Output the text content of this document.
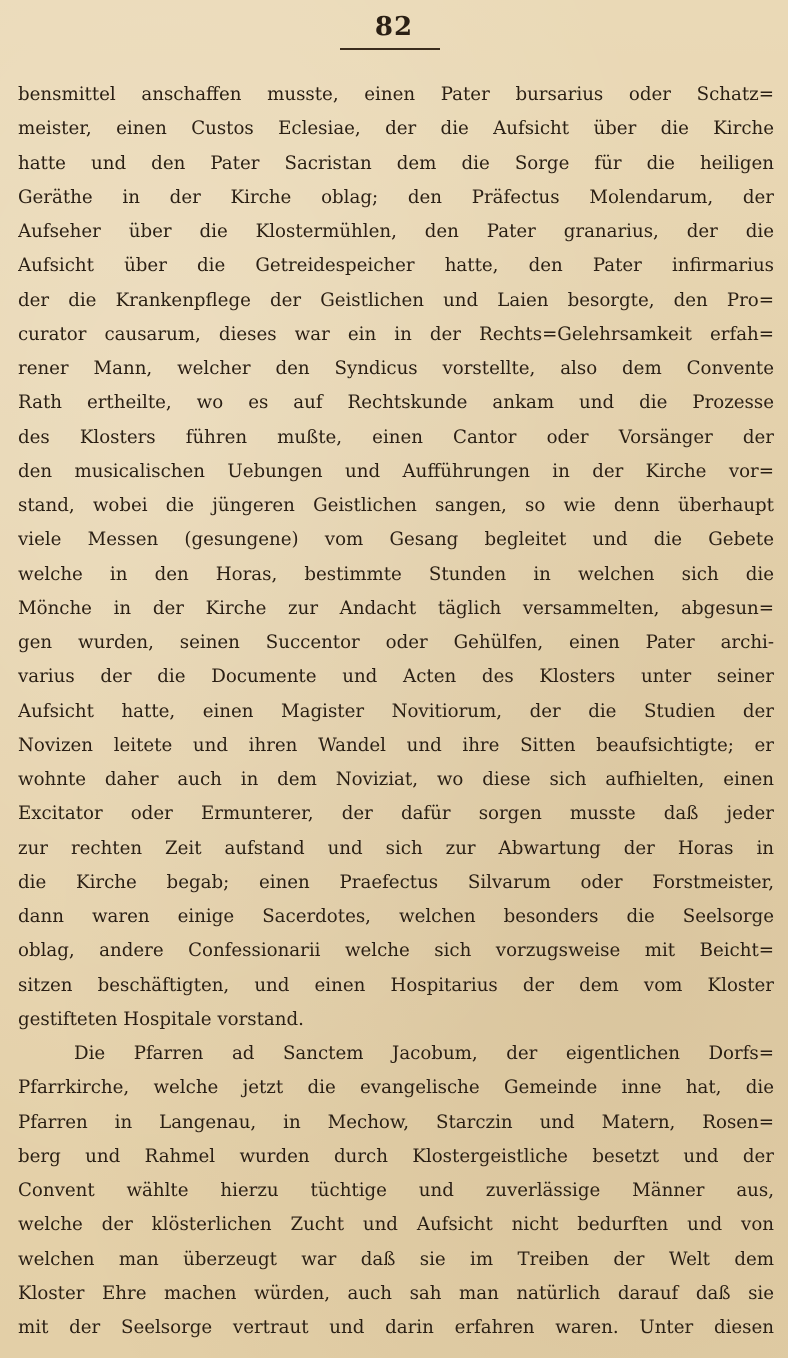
82
bensmittel anschaffen musste, einen Pater bursarius oder Schatz=
meister, einen Custos Eclesiae, der die Aufsicht über die Kirche
hatte und den Pater Sacristan dem die Sorge für die heiligen
Geräthe in der Kirche oblag; den Präfectus Molendarum, der
Aufseher über die Klostermühlen, den Pater granarius, der die
Aufsicht über die Getreidespeicher hatte, den Pater infirmarius
der die Krankenpflege der Geistlichen und Laien besorgte, den Pro=
curator causarum, dieses war ein in der Rechts=Gelehrsamkeit erfah=
rener Mann, welcher den Syndicus vorstellte, also dem Convente
Rath ertheilte, wo es auf Rechtskunde ankam und die Prozesse
des Klosters führen mußte, einen Cantor oder Vorsänger der
den musicalischen Uebungen und Aufführungen in der Kirche vor=
stand, wobei die jüngeren Geistlichen sangen, so wie denn überhaupt
viele Messen (gesungene) vom Gesang begleitet und die Gebete
welche in den Horas, bestimmte Stunden in welchen sich die
Mönche in der Kirche zur Andacht täglich versammelten, abgesun=
gen wurden, seinen Succentor oder Gehülfen, einen Pater archi-
varius der die Documente und Acten des Klosters unter seiner
Aufsicht hatte, einen Magister Novitiorum, der die Studien der
Novizen leitete und ihren Wandel und ihre Sitten beaufsichtigte; er
wohnte daher auch in dem Noviziat, wo diese sich aufhielten, einen
Excitator oder Ermunterer, der dafür sorgen musste daß jeder
zur rechten Zeit aufstand und sich zur Abwartung der Horas in
die Kirche begab; einen Praefectus Silvarum oder Forstmeister,
dann waren einige Sacerdotes, welchen besonders die Seelsorge
oblag, andere Confessionarii welche sich vorzugsweise mit Beicht=
sitzen beschäftigten, und einen Hospitarius der dem vom Kloster
gestifteten Hospitale vorstand.
Die Pfarren ad Sanctem Jacobum, der eigentlichen Dorfs=
Pfarrkirche, welche jetzt die evangelische Gemeinde inne hat, die
Pfarren in Langenau, in Mechow, Starczin und Matern, Rosen=
berg und Rahmel wurden durch Klostergeistliche besetzt und der
Convent wählte hierzu tüchtige und zuverlässige Männer aus,
welche der klösterlichen Zucht und Aufsicht nicht bedurften und von
welchen man überzeugt war daß sie im Treiben der Welt dem
Kloster Ehre machen würden, auch sah man natürlich darauf daß sie
mit der Seelsorge vertraut und darin erfahren waren. Unter diesen
